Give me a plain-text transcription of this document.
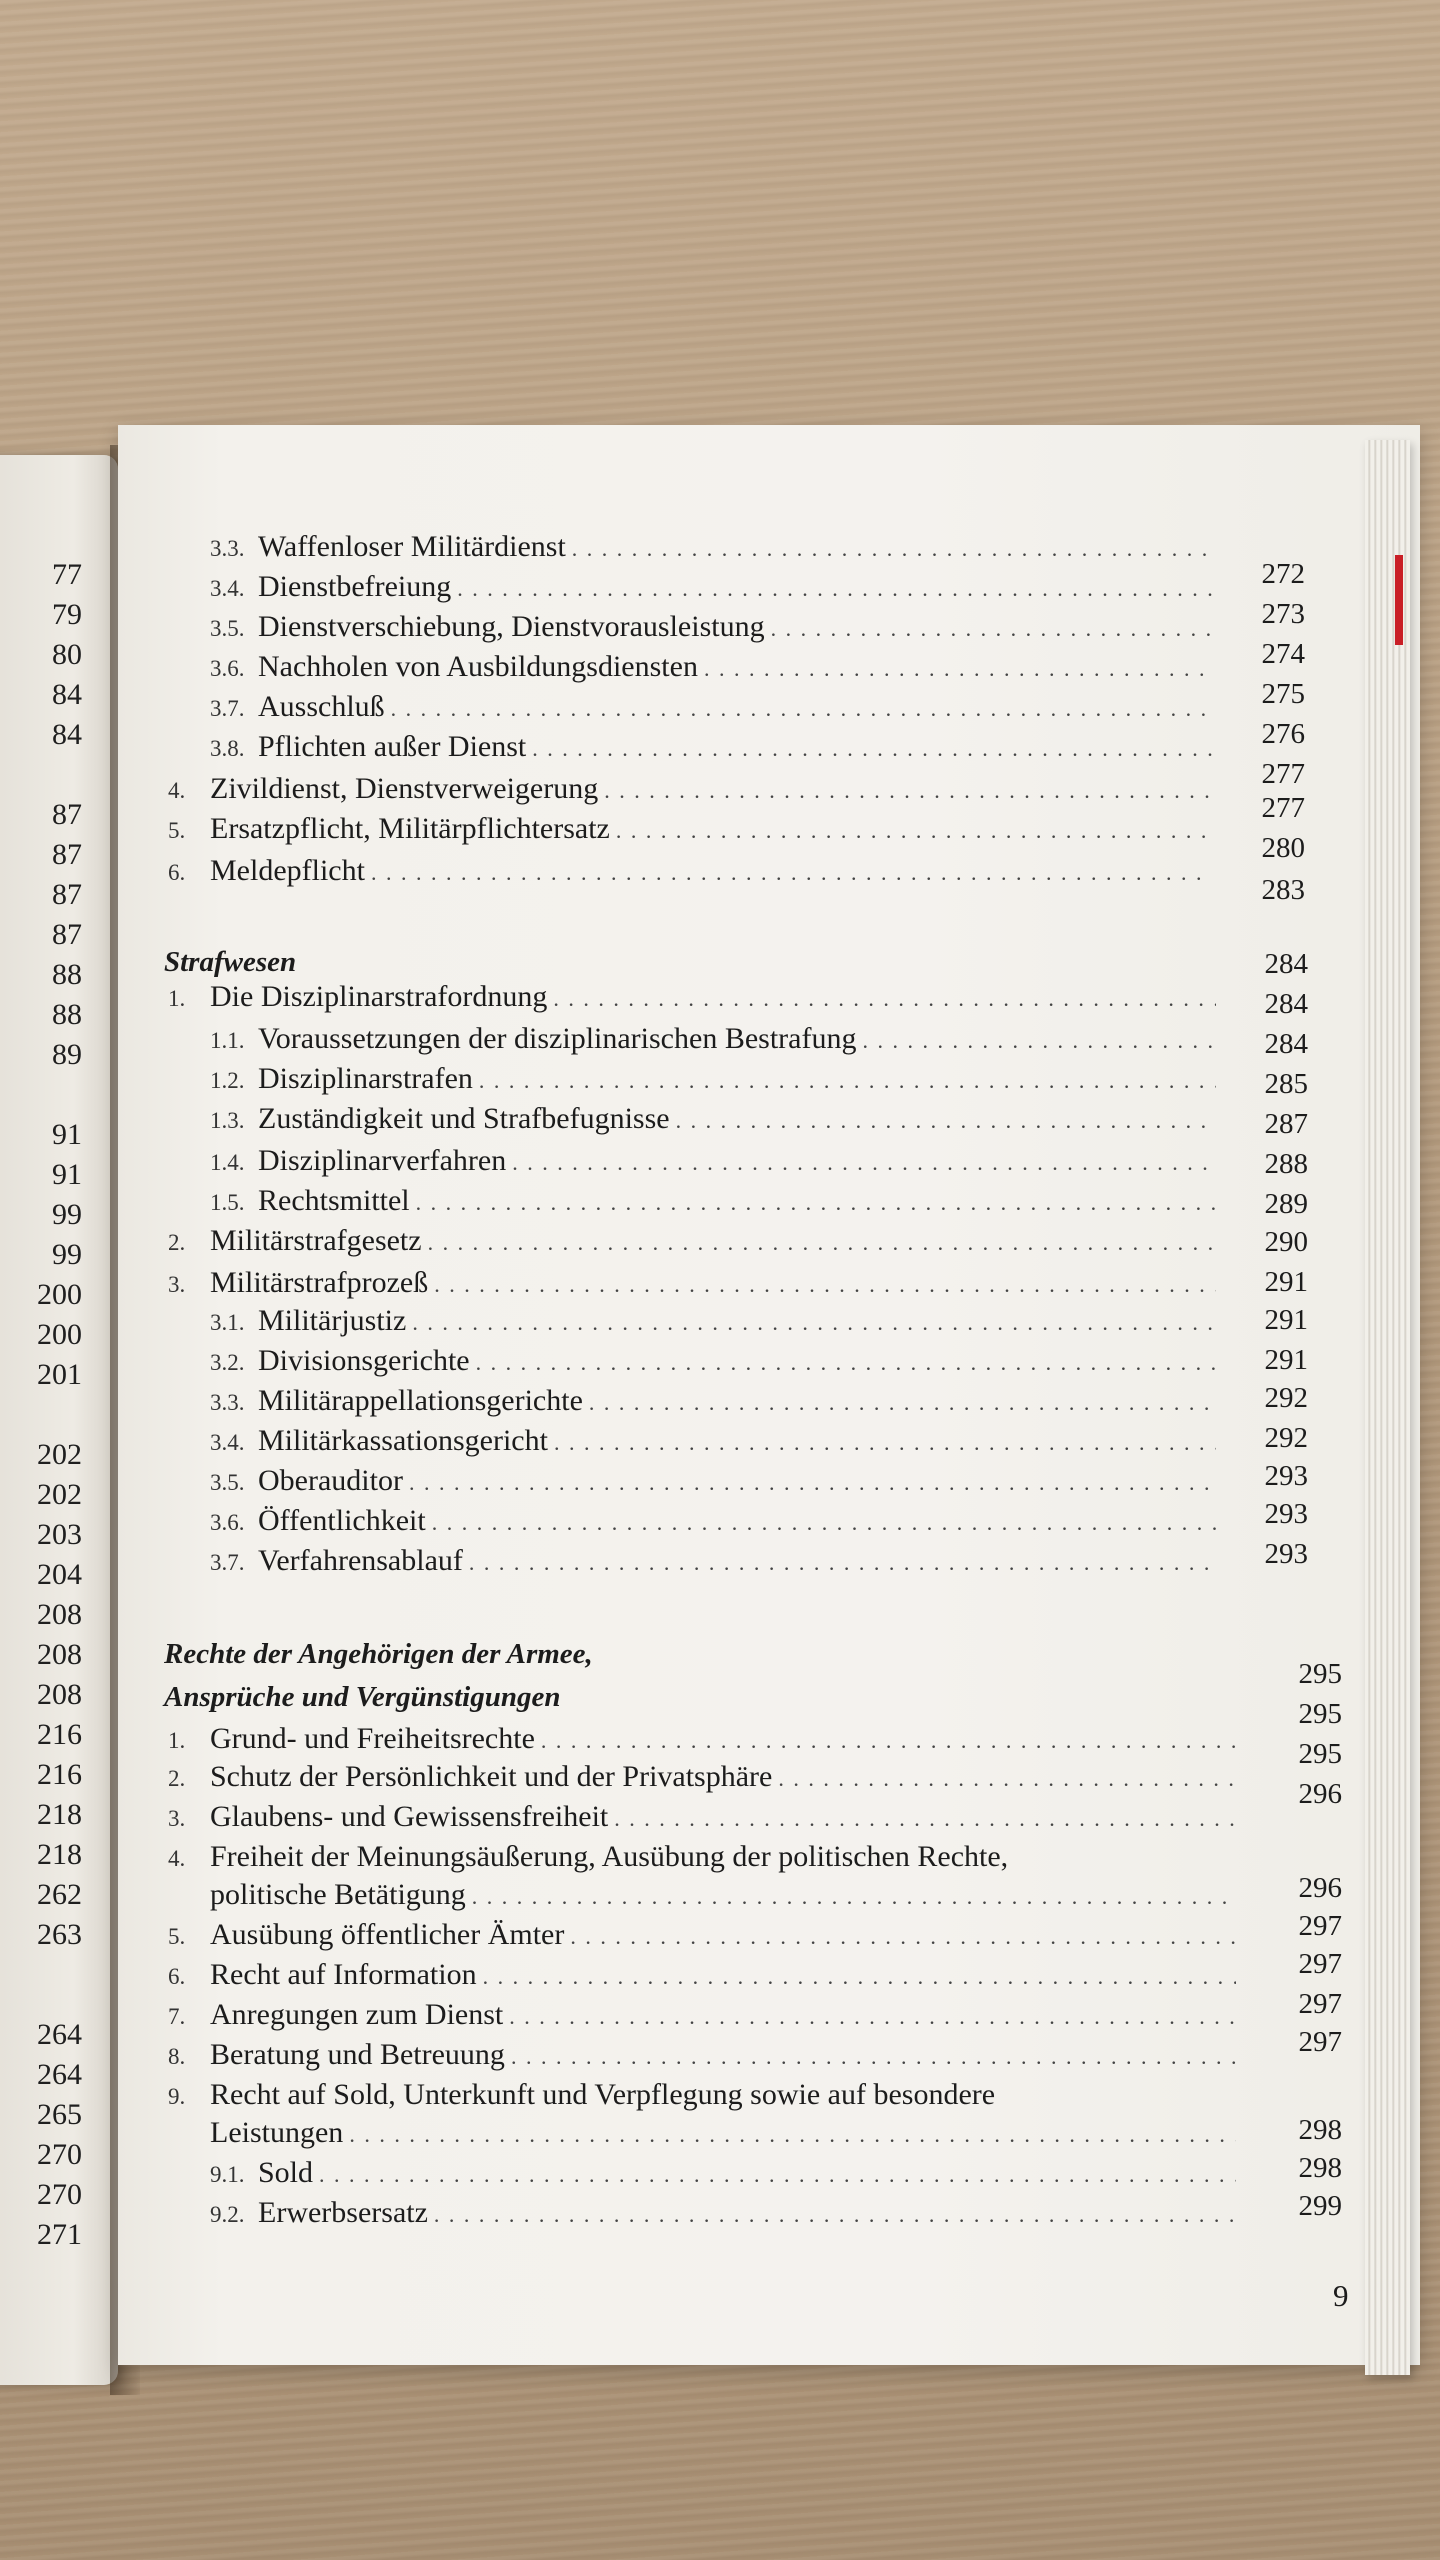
77
79
80
84
84
87
87
87
87
88
88
89
91
91
99
99
200
200
201
202
202
203
204
208
208
208
216
216
218
218
262
263
264
264
265
270
270
271
Strafwesen
Rechte der Angehörigen der Armee,
Ansprüche und Vergünstigungen
9
3.3. Waffenloser Militärdienst
. . .
3.4. Dienstbefreiung
. . .
3.5. Dienstverschiebung, Dienstvorausleistung
. . .
3.6. Nachholen von Ausbildungsdiensten
. . .
3.7. Ausschluß
. . .
3.8. Pflichten außer Dienst
. . .
4. Zivildienst, Dienstverweigerung
. . .
5. Ersatzpflicht, Militärpflichtersatz
. . .
6. Meldepflicht
. . .
272
273
274
275
276
277
277
280
283
1. Die Disziplinarstrafordnung
. . .
1.1. Voraussetzungen der disziplinarischen Bestrafung
. . .
1.2. Disziplinarstrafen
. . .
1.3. Zuständigkeit und Strafbefugnisse
. . .
1.4. Disziplinarverfahren
. . .
1.5. Rechtsmittel
. . .
2. Militärstrafgesetz
. . .
3. Militärstrafprozeß
. . .
3.1. Militärjustiz
. . .
3.2. Divisionsgerichte
. . .
3.3. Militärappellationsgerichte
. . .
3.4. Militärkassationsgericht
. . .
3.5. Oberauditor
. . .
3.6. Öffentlichkeit
. . .
3.7. Verfahrensablauf
. . .
284
284
284
285
287
288
289
290
291
291
291
292
292
293
293
293
1. Grund- und Freiheitsrechte
. . .
2. Schutz der Persönlichkeit und der Privatsphäre
. . .
3. Glaubens- und Gewissensfreiheit
. . .
4. Freiheit der Meinungsäußerung, Ausübung der politischen Rechte,
politische Betätigung
. . .
5. Ausübung öffentlicher Ämter
. . .
6. Recht auf Information
. . .
7. Anregungen zum Dienst
. . .
8. Beratung und Betreuung
. . .
9. Recht auf Sold, Unterkunft und Verpflegung sowie auf besondere
Leistungen
. . .
9.1. Sold
. . .
9.2. Erwerbsersatz
. . .
295
295
295
296
296
297
297
297
297
298
298
299
